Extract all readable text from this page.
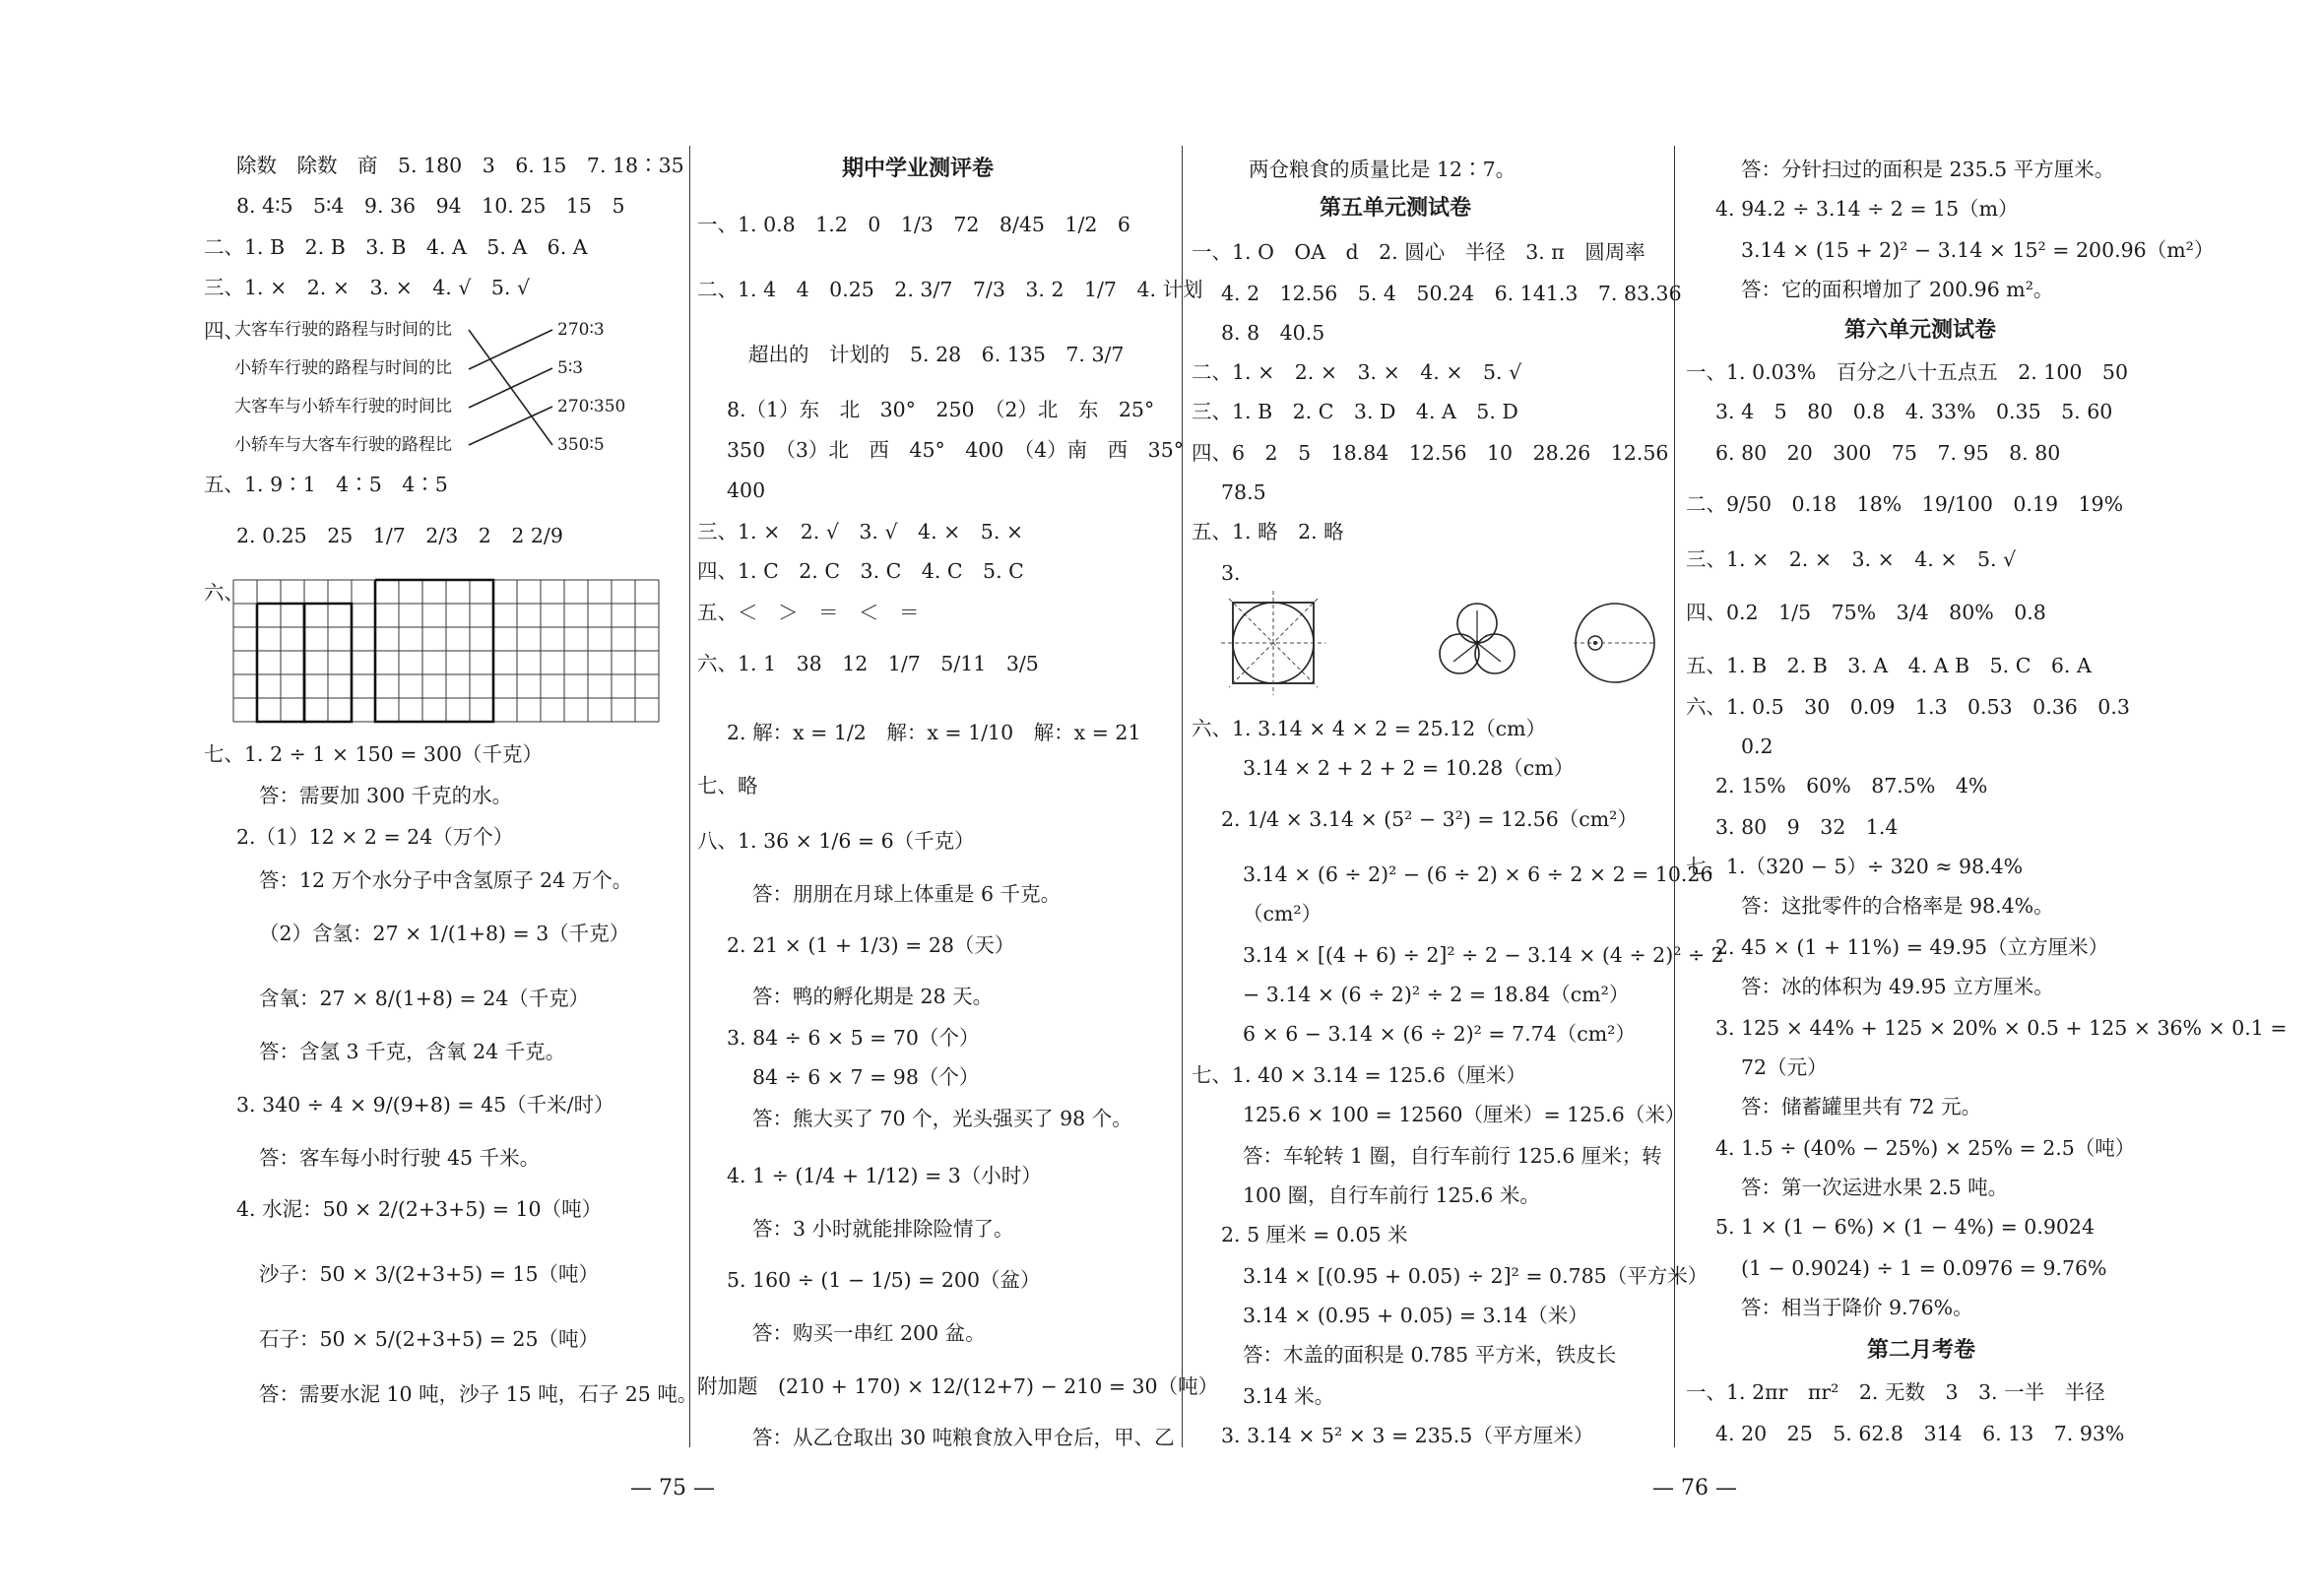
除数　除数　商　5. 180　3　6. 15　7. 18∶35
8. 4∶5　5∶4　9. 36　94　10. 25　15　5
二、1. B　2. B　3. B　4. A　5. A　6. A
三、1. ×　2. ×　3. ×　4. √　5. √
四、
大客车行驶的路程与时间的比
小轿车行驶的路程与时间的比
大客车与小轿车行驶的时间比
小轿车与大客车行驶的路程比
270∶3
5∶3
270∶350
350∶5
五、1. 9∶1　4∶5　4∶5
2. 0.25　25　1/7　2/3　2　2 2/9
六、
七、1. 2 ÷ 1 × 150 = 300（千克）
答：需要加 300 千克的水。
2.（1）12 × 2 = 24（万个）
答：12 万个水分子中含氢原子 24 万个。
（2）含氢：27 × 1/(1+8) = 3（千克）
含氧：27 × 8/(1+8) = 24（千克）
答：含氢 3 千克，含氧 24 千克。
3. 340 ÷ 4 × 9/(9+8) = 45（千米/时）
答：客车每小时行驶 45 千米。
4. 水泥：50 × 2/(2+3+5) = 10（吨）
沙子：50 × 3/(2+3+5) = 15（吨）
石子：50 × 5/(2+3+5) = 25（吨）
答：需要水泥 10 吨，沙子 15 吨，石子 25 吨。
期中学业测评卷
一、1. 0.8　1.2　0　1/3　72　8/45　1/2　6
二、1. 4　4　0.25　2. 3/7　7/3　3. 2　1/7　4. 计划
超出的　计划的　5. 28　6. 135　7. 3/7
8.（1）东　北　30°　250　（2）北　东　25°
350　（3）北　西　45°　400　（4）南　西　35°
400
三、1. ×　2. √　3. √　4. ×　5. ×
四、1. C　2. C　3. C　4. C　5. C
五、＜　＞　＝　＜　＝
六、1. 1　38　12　1/7　5/11　3/5
2. 解：x = 1/2　解：x = 1/10　解：x = 21
七、略
八、1. 36 × 1/6 = 6（千克）
答：朋朋在月球上体重是 6 千克。
2. 21 × (1 + 1/3) = 28（天）
答：鸭的孵化期是 28 天。
3. 84 ÷ 6 × 5 = 70（个）
84 ÷ 6 × 7 = 98（个）
答：熊大买了 70 个，光头强买了 98 个。
4. 1 ÷ (1/4 + 1/12) = 3（小时）
答：3 小时就能排除险情了。
5. 160 ÷ (1 − 1/5) = 200（盆）
答：购买一串红 200 盆。
附加题　(210 + 170) × 12/(12+7) − 210 = 30（吨）
答：从乙仓取出 30 吨粮食放入甲仓后，甲、乙
两仓粮食的质量比是 12∶7。
第五单元测试卷
一、1. O　OA　d　2. 圆心　半径　3. π　圆周率
4. 2　12.56　5. 4　50.24　6. 141.3　7. 83.36
8. 8　40.5
二、1. ×　2. ×　3. ×　4. ×　5. √
三、1. B　2. C　3. D　4. A　5. D
四、6　2　5　18.84　12.56　10　28.26　12.56
78.5
五、1. 略　2. 略
3.
六、1. 3.14 × 4 × 2 = 25.12（cm）
3.14 × 2 + 2 + 2 = 10.28（cm）
2. 1/4 × 3.14 × (5² − 3²) = 12.56（cm²）
3.14 × (6 ÷ 2)² − (6 ÷ 2) × 6 ÷ 2 × 2 = 10.26
（cm²）
3.14 × [(4 + 6) ÷ 2]² ÷ 2 − 3.14 × (4 ÷ 2)² ÷ 2
− 3.14 × (6 ÷ 2)² ÷ 2 = 18.84（cm²）
6 × 6 − 3.14 × (6 ÷ 2)² = 7.74（cm²）
七、1. 40 × 3.14 = 125.6（厘米）
125.6 × 100 = 12560（厘米）= 125.6（米）
答：车轮转 1 圈，自行车前行 125.6 厘米；转
100 圈，自行车前行 125.6 米。
2. 5 厘米 = 0.05 米
3.14 × [(0.95 + 0.05) ÷ 2]² = 0.785（平方米）
3.14 × (0.95 + 0.05) = 3.14（米）
答：木盖的面积是 0.785 平方米，铁皮长
3.14 米。
3. 3.14 × 5² × 3 = 235.5（平方厘米）
答：分针扫过的面积是 235.5 平方厘米。
4. 94.2 ÷ 3.14 ÷ 2 = 15（m）
3.14 × (15 + 2)² − 3.14 × 15² = 200.96（m²）
答：它的面积增加了 200.96 m²。
第六单元测试卷
一、1. 0.03%　百分之八十五点五　2. 100　50
3. 4　5　80　0.8　4. 33%　0.35　5. 60
6. 80　20　300　75　7. 95　8. 80
二、9/50　0.18　18%　19/100　0.19　19%
三、1. ×　2. ×　3. ×　4. ×　5. √
四、0.2　1/5　75%　3/4　80%　0.8
五、1. B　2. B　3. A　4. A B　5. C　6. A
六、1. 0.5　30　0.09　1.3　0.53　0.36　0.3
0.2
2. 15%　60%　87.5%　4%
3. 80　9　32　1.4
七、1.（320 − 5）÷ 320 ≈ 98.4%
答：这批零件的合格率是 98.4%。
2. 45 × (1 + 11%) = 49.95（立方厘米）
答：冰的体积为 49.95 立方厘米。
3. 125 × 44% + 125 × 20% × 0.5 + 125 × 36% × 0.1 =
72（元）
答：储蓄罐里共有 72 元。
4. 1.5 ÷ (40% − 25%) × 25% = 2.5（吨）
答：第一次运进水果 2.5 吨。
5. 1 × (1 − 6%) × (1 − 4%) = 0.9024
(1 − 0.9024) ÷ 1 = 0.0976 = 9.76%
答：相当于降价 9.76%。
第二月考卷
一、1. 2πr　πr²　2. 无数　3　3. 一半　半径
4. 20　25　5. 62.8　314　6. 13　7. 93%
— 75 —	— 76 —
